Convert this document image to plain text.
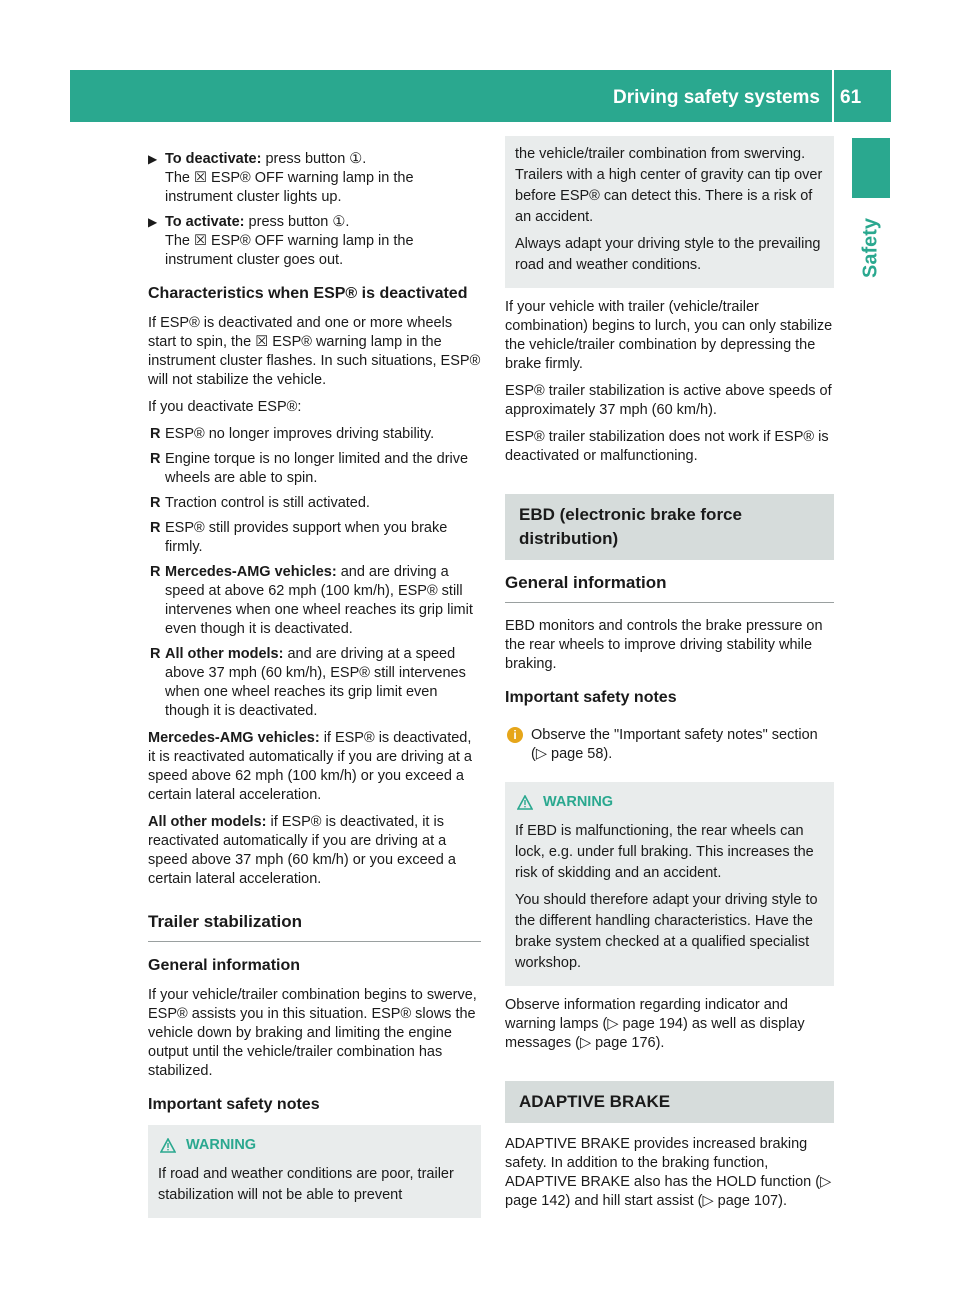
Driving safety systems 61
Safety
▶ To deactivate: press button ①.
The ☒ ESP® OFF warning lamp in the instrument cluster lights up.
▶ To activate: press button ①.
The ☒ ESP® OFF warning lamp in the instrument cluster goes out.
Characteristics when ESP® is deactivated

If ESP® is deactivated and one or more wheels start to spin, the ☒ ESP® warning lamp in the instrument cluster flashes. In such situations, ESP® will not stabilize the vehicle.

If you deactivate ESP®:

R ESP® no longer improves driving stability.
R Engine torque is no longer limited and the drive wheels are able to spin.
R Traction control is still activated.
R ESP® still provides support when you brake firmly.
R Mercedes-AMG vehicles: and are driving a speed at above 62 mph (100 km/h), ESP® still intervenes when one wheel reaches its grip limit even though it is deactivated.
R All other models: and are driving at a speed above 37 mph (60 km/h), ESP® still intervenes when one wheel reaches its grip limit even though it is deactivated.

Mercedes-AMG vehicles: if ESP® is deactivated, it is reactivated automatically if you are driving at a speed above 62 mph (100 km/h) or you exceed a certain lateral acceleration.

All other models: if ESP® is deactivated, it is reactivated automatically if you are driving at a speed above 37 mph (60 km/h) or you exceed a certain lateral acceleration.

Trailer stabilization
General information

If your vehicle/trailer combination begins to swerve, ESP® assists you in this situation. ESP® slows the vehicle down by braking and limiting the engine output until the vehicle/trailer combination has stabilized.

Important safety notes
WARNING

If road and weather conditions are poor, trailer stabilization will not be able to prevent

the vehicle/trailer combination from swerving. Trailers with a high center of gravity can tip over before ESP® can detect this. There is a risk of an accident.

Always adapt your driving style to the prevailing road and weather conditions.

If your vehicle with trailer (vehicle/trailer combination) begins to lurch, you can only stabilize the vehicle/trailer combination by depressing the brake firmly.

ESP® trailer stabilization is active above speeds of approximately 37 mph (60 km/h).

ESP® trailer stabilization does not work if ESP® is deactivated or malfunctioning.

EBD (electronic brake force distribution)
General information

EBD monitors and controls the brake pressure on the rear wheels to improve driving stability while braking.

Important safety notes
i Observe the "Important safety notes" section (▷ page 58).
WARNING

If EBD is malfunctioning, the rear wheels can lock, e.g. under full braking. This increases the risk of skidding and an accident.

You should therefore adapt your driving style to the different handling characteristics. Have the brake system checked at a qualified specialist workshop.

Observe information regarding indicator and warning lamps (▷ page 194) as well as display messages (▷ page 176).

ADAPTIVE BRAKE

ADAPTIVE BRAKE provides increased braking safety. In addition to the braking function, ADAPTIVE BRAKE also has the HOLD function (▷ page 142) and hill start assist (▷ page 107).
